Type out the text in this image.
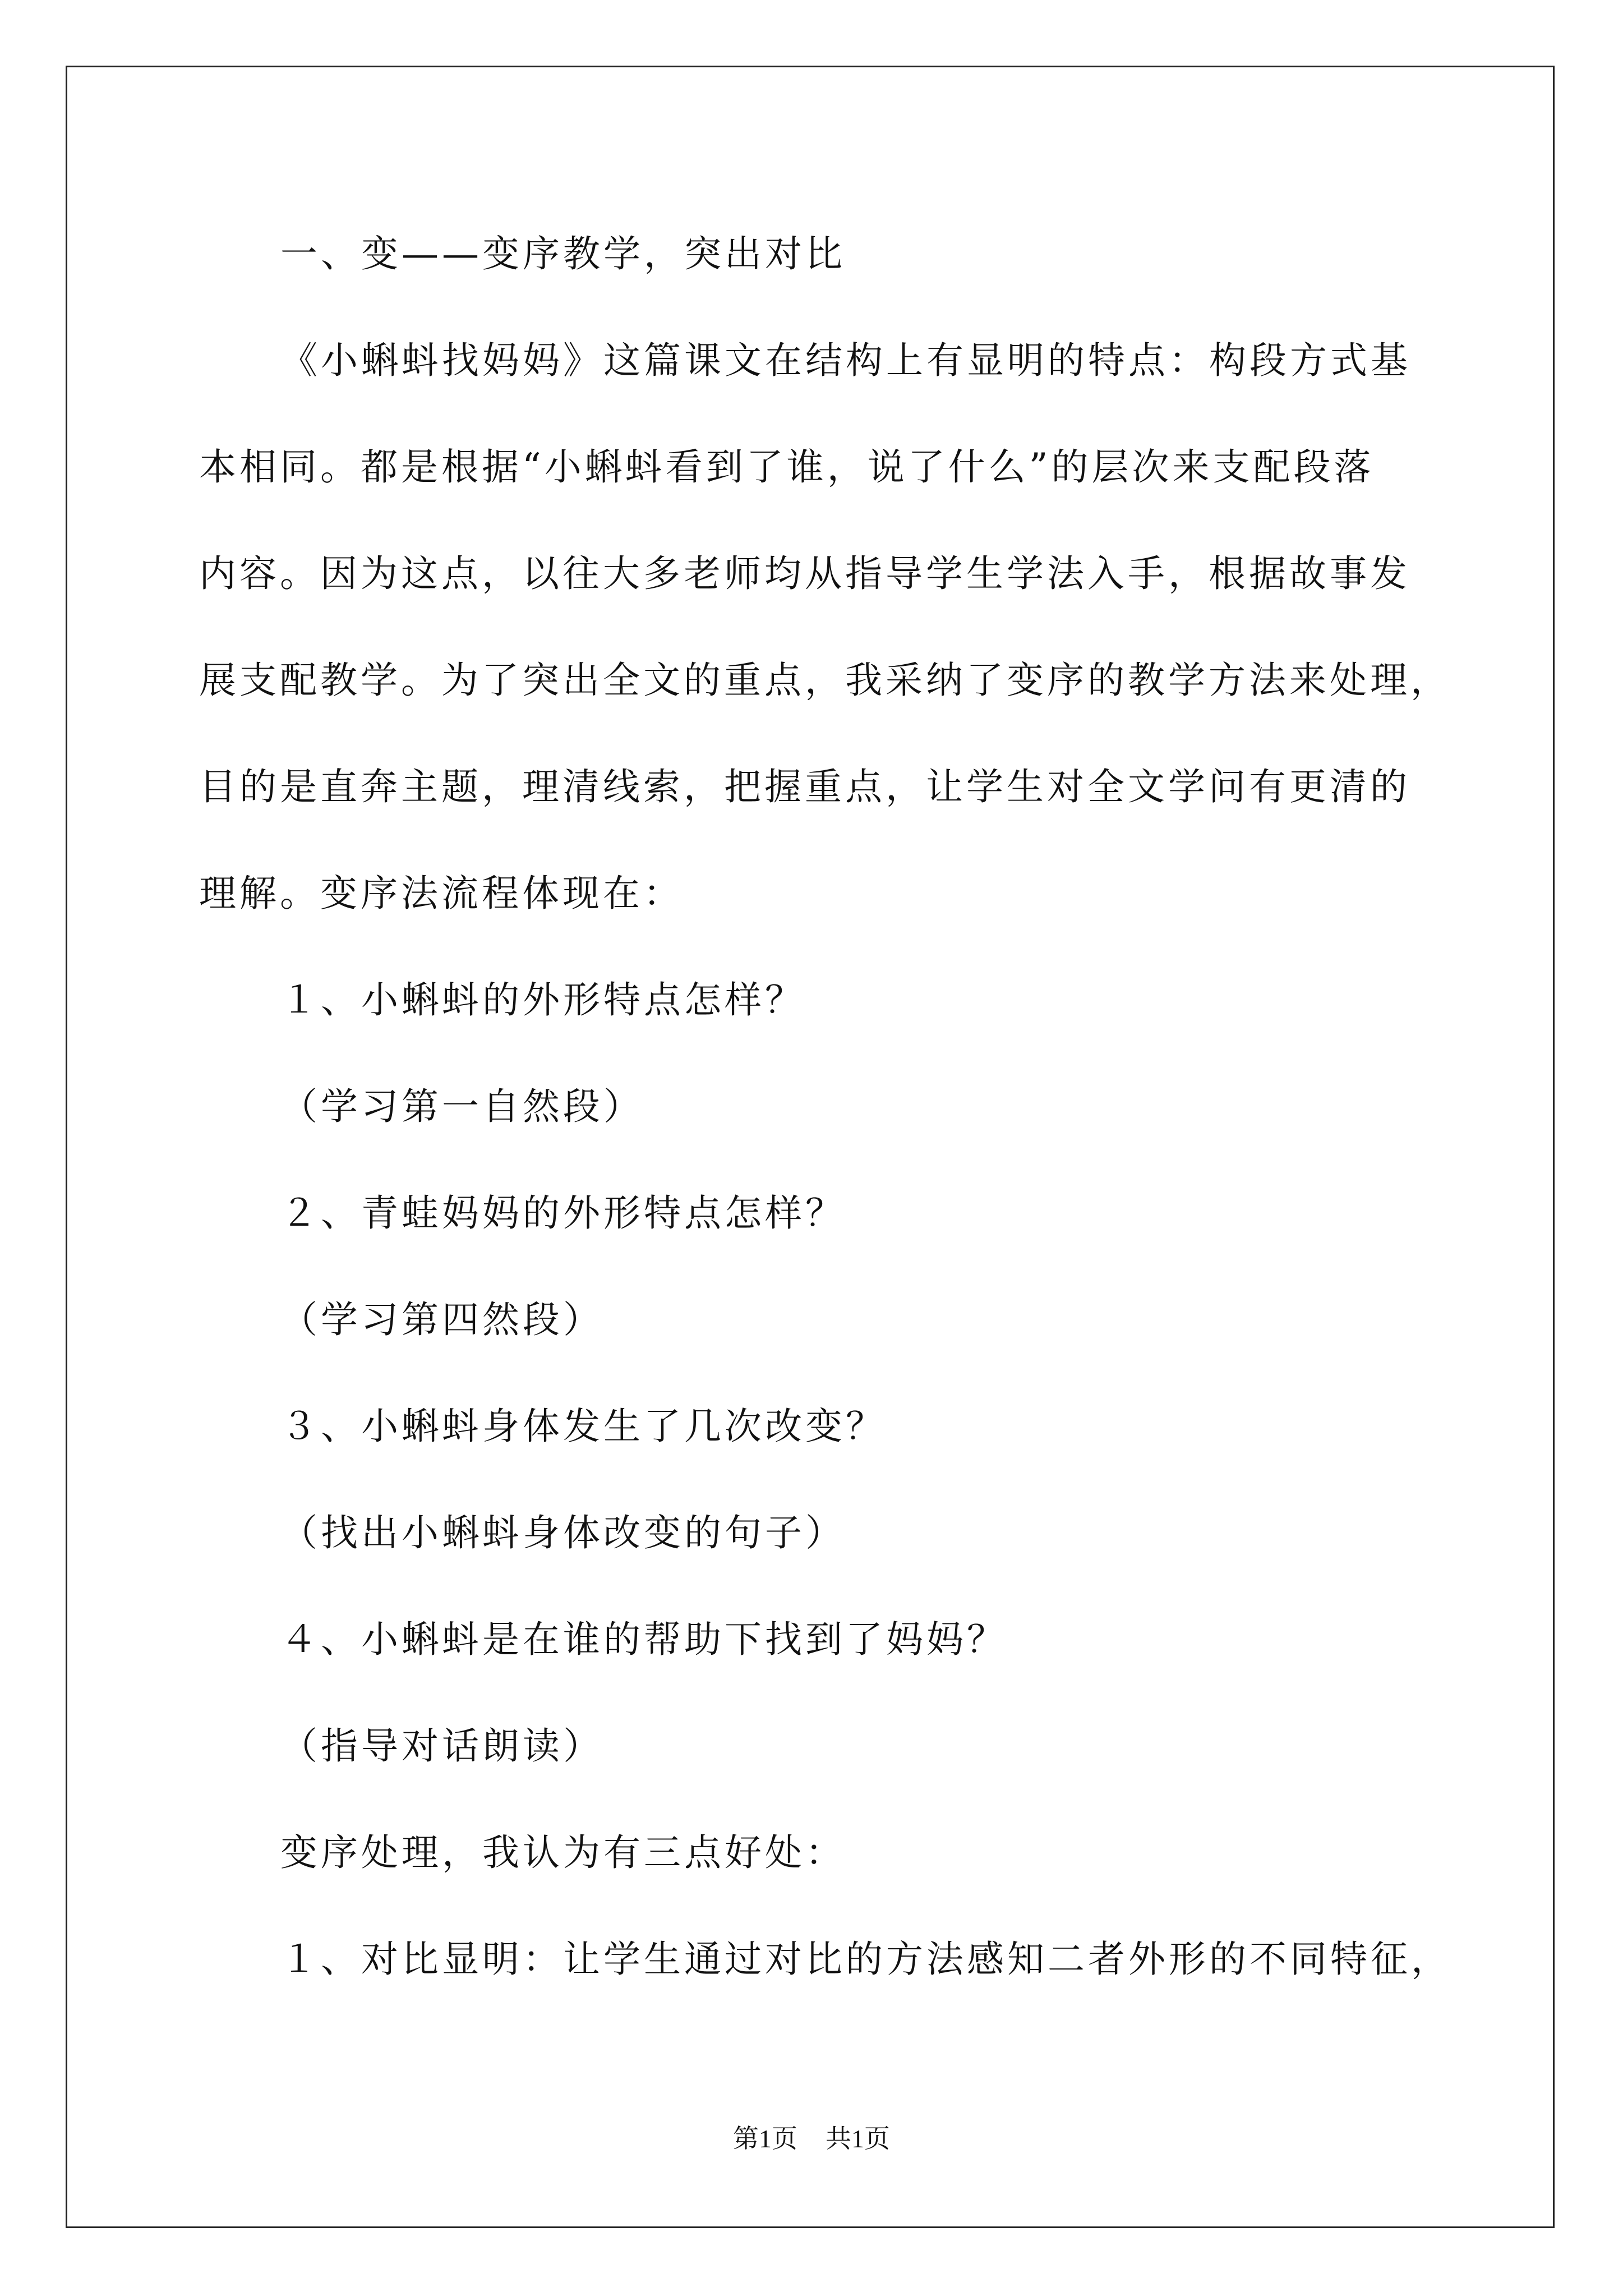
一、变——变序教学，突出对比
《小蝌蚪找妈妈》这篇课文在结构上有显明的特点：构段方式基
本相同。都是根据“小蝌蚪看到了谁，说了什么”的层次来支配段落
内容。因为这点，以往大多老师均从指导学生学法入手，根据故事发
展支配教学。为了突出全文的重点，我采纳了变序的教学方法来处理，
目的是直奔主题，理清线索，把握重点，让学生对全文学问有更清的
理解。变序法流程体现在：
１、小蝌蚪的外形特点怎样？
（学习第一自然段）
２、青蛙妈妈的外形特点怎样？
（学习第四然段）
３、小蝌蚪身体发生了几次改变？
（找出小蝌蚪身体改变的句子）
４、小蝌蚪是在谁的帮助下找到了妈妈？
（指导对话朗读）
变序处理，我认为有三点好处：
１、对比显明：让学生通过对比的方法感知二者外形的不同特征，
第1页 共1页
